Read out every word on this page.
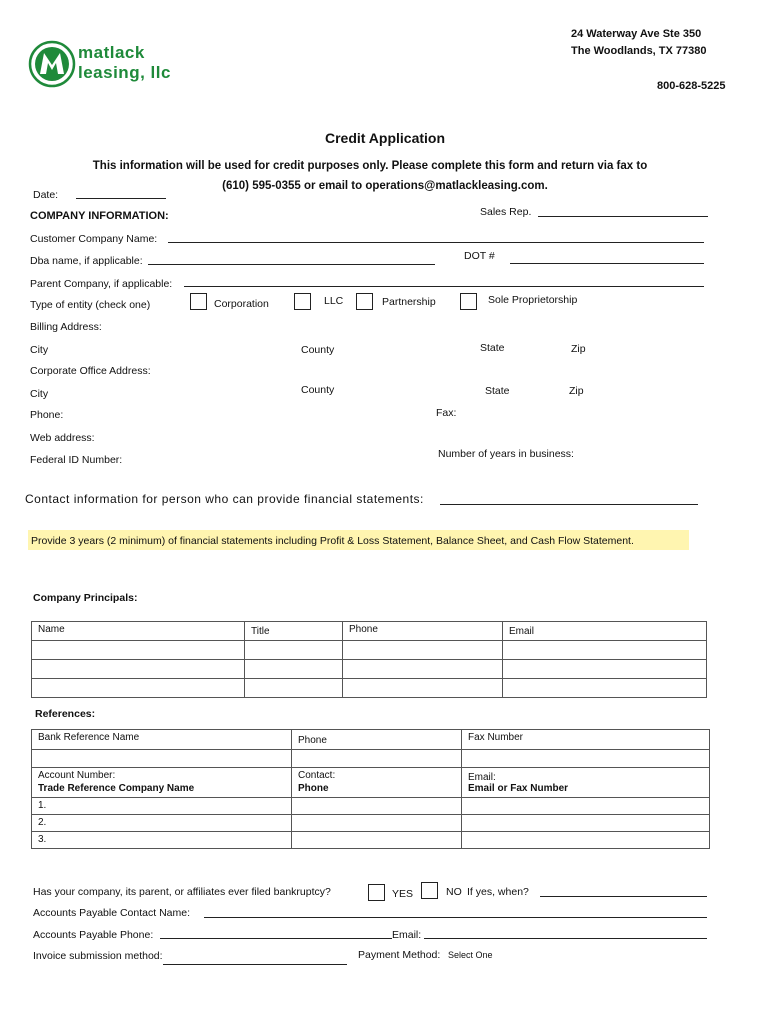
matlack
leasing, llc
24 Waterway Ave Ste 350
The Woodlands, TX 77380
800-628-5225
Credit Application
This information will be used for credit purposes only. Please complete this form and return via fax to
(610) 595-0355 or email to operations@matlackleasing.com.
Date:
COMPANY INFORMATION:	Sales Rep.
Customer Company Name:
Dba name, if applicable:	DOT #
Parent Company, if applicable:
Type of entity (check one)	Corporation	LLC	Partnership	Sole Proprietorship
Billing Address:
City	County	State	Zip
Corporate Office Address:
City	County	State	Zip
Phone:	Fax:
Web address:
Federal ID Number:	Number of years in business:
Contact information for person who can provide financial statements:
Provide 3 years (2 minimum) of financial statements including Profit & Loss Statement, Balance Sheet, and Cash Flow Statement.
Company Principals:
Name	Title	Phone	Email

References:
Bank Reference Name	Phone	Fax Number

Account Number:	Contact:	Email:
Trade Reference Company Name	Phone	Email or Fax Number
1.		
2.		
3.		
Has your company, its parent, or affiliates ever filed bankruptcy?	YES	NO If yes, when?
Accounts Payable Contact Name:
Accounts Payable Phone:	Email:
Invoice submission method:	Payment Method: Select One
